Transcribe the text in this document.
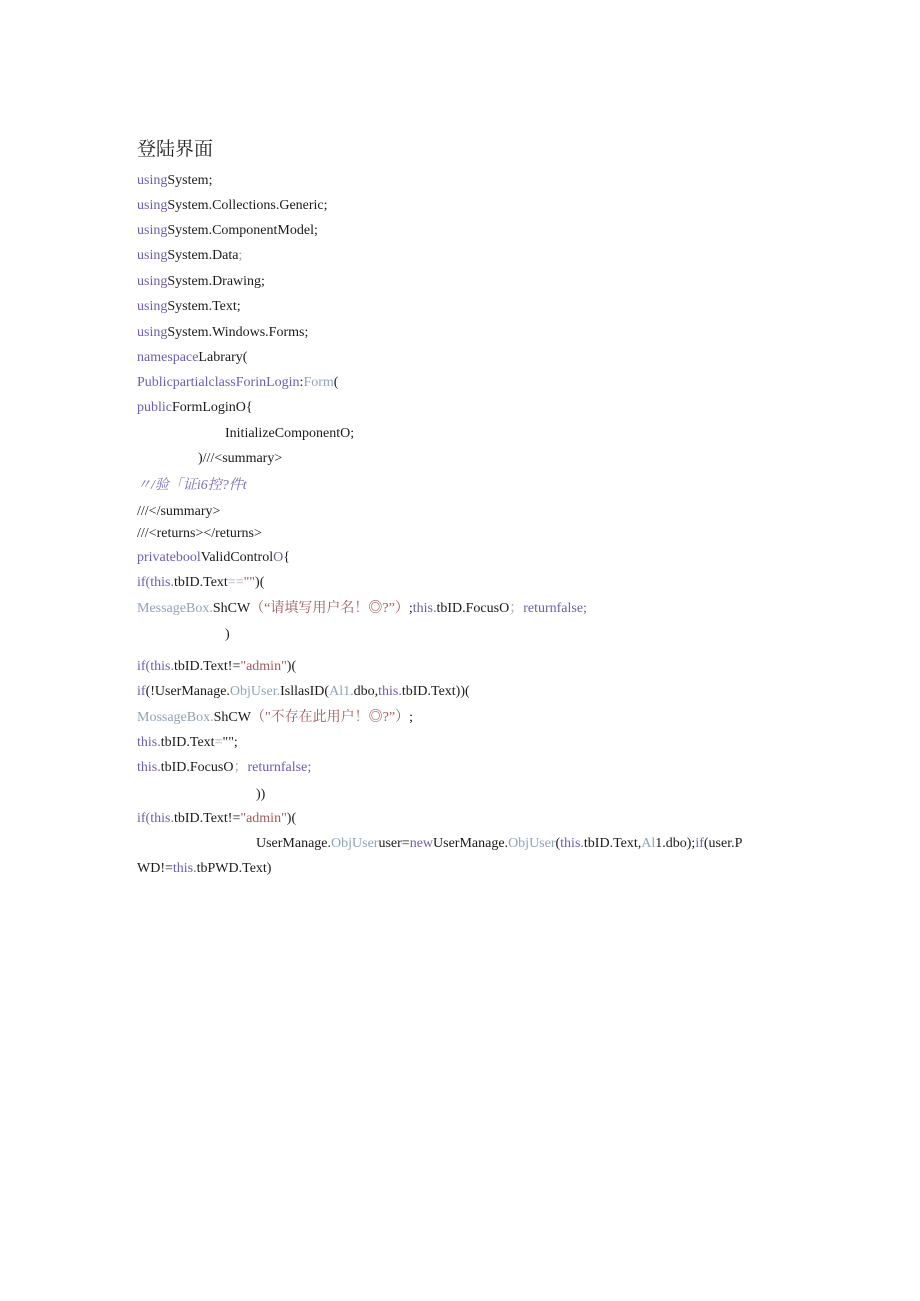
登陆界面
usingSystem;
usingSystem.Collections.Generic;
usingSystem.ComponentModel;
usingSystem.Data;
usingSystem.Drawing;
usingSystem.Text;
usingSystem.Windows.Forms;
namespaceLabrary(
PublicpartialclassForinLogin:Form(
publicFormLoginO{
InitializeComponentO;
)///<summary>
〃/验「证i6控?件t
///</summary>
///<returns></returns>
privateboolValidControlO{
if(this.tbID.Text=="")(
MessageBox.ShCW（“请填写用户名！◎?”）;this.tbID.FocusO；returnfalse;
)
if(this.tbID.Text!="admin")(
if(!UserManage.ObjUser.IsllasID(Al1.dbo,this.tbID.Text))(
MossageBox.ShCW（"不存在此用户！◎?”）;
this.tbID.Text="";
this.tbID.FocusO；returnfalse;
))
if(this.tbID.Text!="admin")(
UserManage.ObjUseruser=newUserManage.ObjUser(this.tbID.Text,Al1.dbo);if(user.P
WD!=this.tbPWD.Text)
